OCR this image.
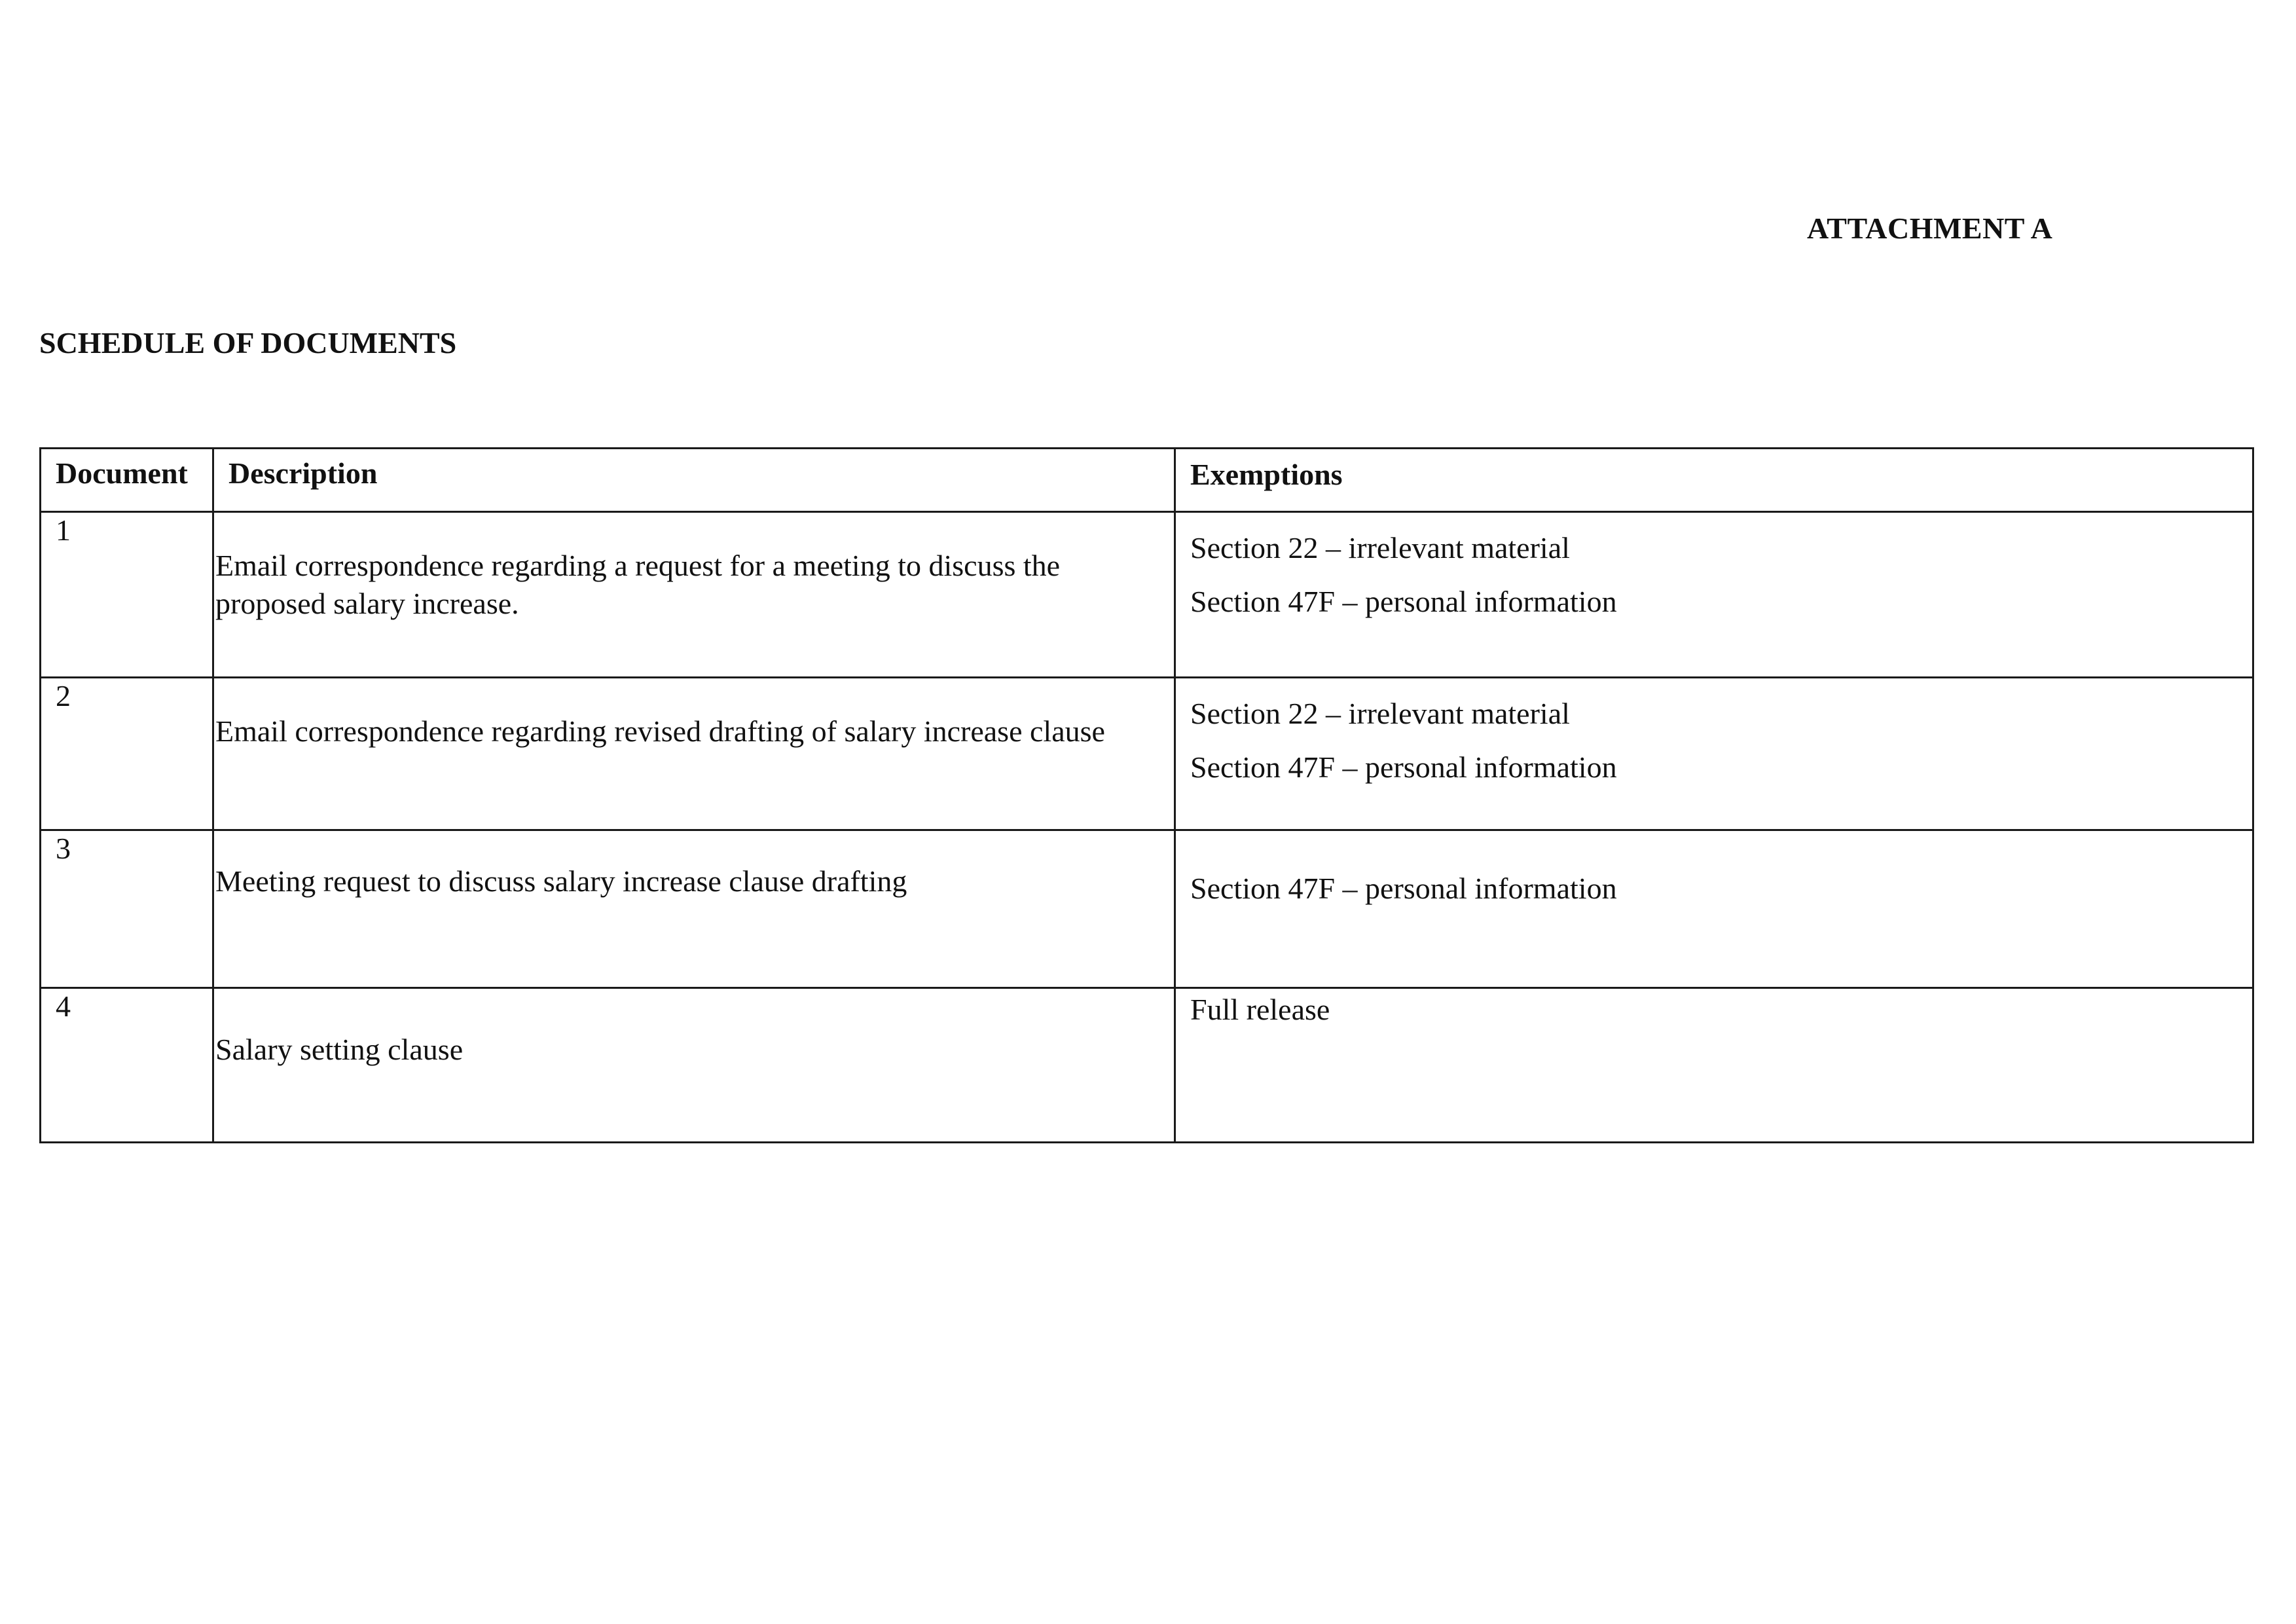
ATTACHMENT A
SCHEDULE OF DOCUMENTS
Document	Description	Exemptions

1	Email correspondence regarding a request for a meeting to discuss the proposed salary increase.	Section 22 – irrelevant material
Section 47F – personal information

2	Email correspondence regarding revised drafting of salary increase clause	Section 22 – irrelevant material
Section 47F – personal information

3	Meeting request to discuss salary increase clause drafting	Section 47F – personal information

4	Salary setting clause	Full release
